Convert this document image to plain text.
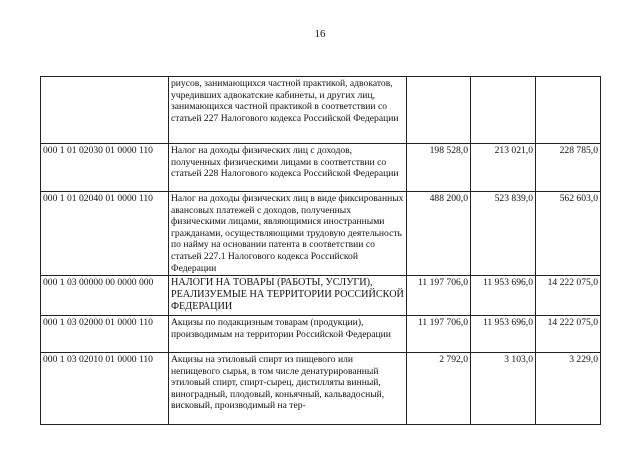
16
	риусов, занимающихся частной практикой, адвокатов, учредивших адвокатские кабинеты, и других лиц, занимающихся частной практикой в соответствии со статьей 227 Налогового кодекса Российской Федерации			
000 1 01 02030 01 0000 110	Налог на доходы физических лиц с доходов, полученных физическими лицами в соответствии со статьей 228 Налогового кодекса Российской Федерации	198 528,0	213 021,0	228 785,0
000 1 01 02040 01 0000 110	Налог на доходы физических лиц в виде фиксированных авансовых платежей с доходов, полученных физическими лицами, являющимися иностранными гражданами, осуществляющими трудовую деятельность по найму на основании патента в соответствии со статьей 227.1 Налогового кодекса Российской Федерации	488 200,0	523 839,0	562 603,0
000 1 03 00000 00 0000 000	НАЛОГИ НА ТОВАРЫ (РАБОТЫ, УСЛУГИ), РЕАЛИЗУЕМЫЕ НА ТЕРРИТОРИИ РОССИЙСКОЙ ФЕДЕРАЦИИ	11 197 706,0	11 953 696,0	14 222 075,0
000 1 03 02000 01 0000 110	Акцизы по подакцизным товарам (продукции), производимым на территории Российской Федерации	11 197 706,0	11 953 696,0	14 222 075,0
000 1 03 02010 01 0000 110	Акцизы на этиловый спирт из пищевого или непищевого сырья, в том числе денатурированный этиловый спирт, спирт-сырец, дистилляты винный, виноградный, плодовый, коньячный, кальвадосный, висковый, производимый на тер-	2 792,0	3 103,0	3 229,0
